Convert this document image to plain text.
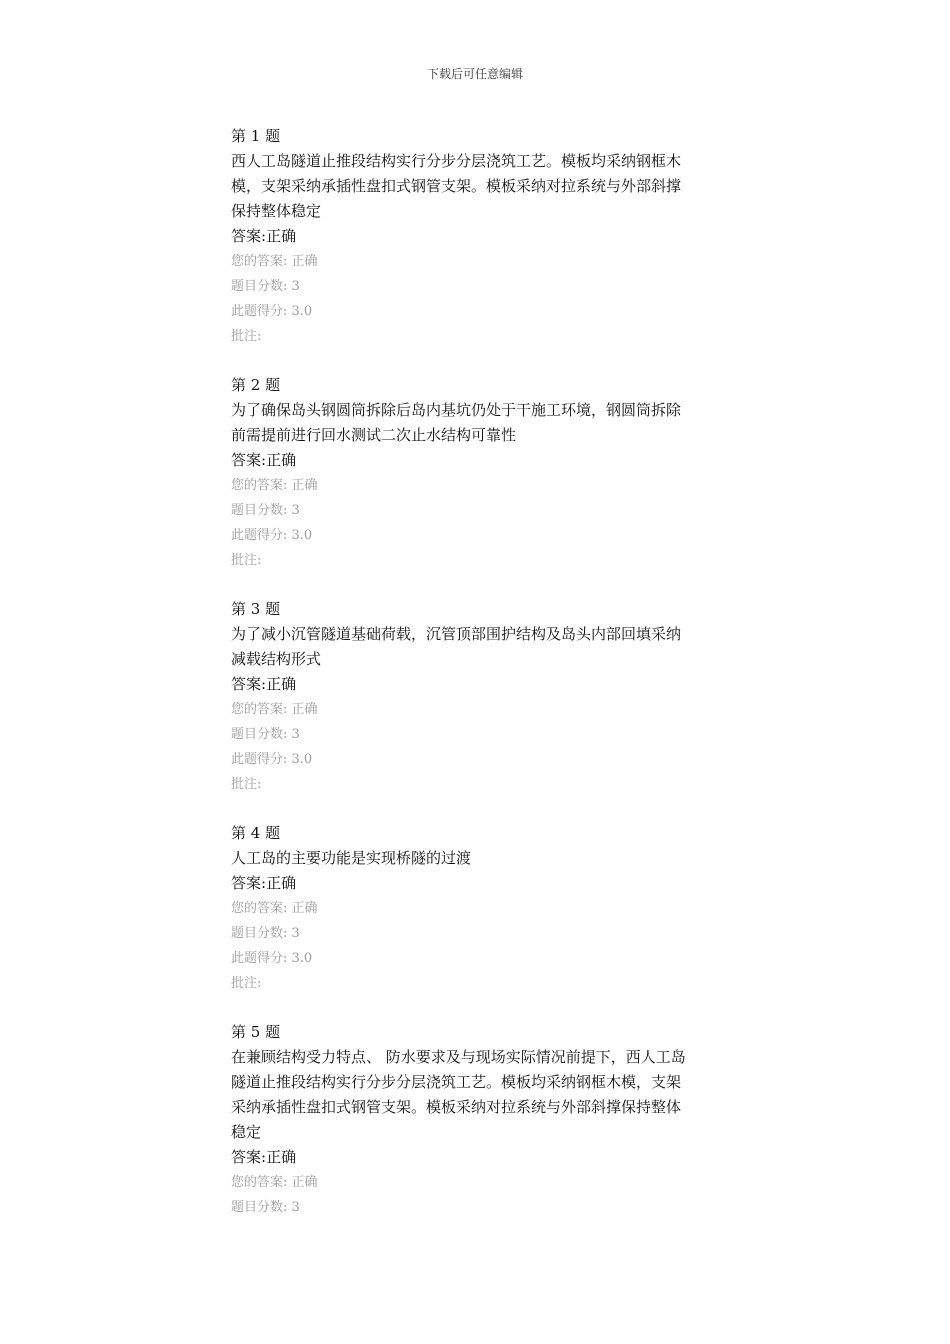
下载后可任意编辑

第 1 题

西人工岛隧道止推段结构实行分步分层浇筑工艺。模板均采纳钢框木
模，支架采纳承插性盘扣式钢管支架。模板采纳对拉系统与外部斜撑
保持整体稳定

答案:正确

您的答案: 正确

题目分数: 3

此题得分: 3.0

批注:

第 2 题

为了确保岛头钢圆筒拆除后岛内基坑仍处于干施工环境，钢圆筒拆除
前需提前进行回水测试二次止水结构可靠性

答案:正确

您的答案: 正确

题目分数: 3

此题得分: 3.0

批注:

第 3 题

为了减小沉管隧道基础荷载，沉管顶部围护结构及岛头内部回填采纳
减载结构形式

答案:正确

您的答案: 正确

题目分数: 3

此题得分: 3.0

批注:

第 4 题

人工岛的主要功能是实现桥隧的过渡

答案:正确

您的答案: 正确

题目分数: 3

此题得分: 3.0

批注:

第 5 题

在兼顾结构受力特点、 防水要求及与现场实际情况前提下，西人工岛
隧道止推段结构实行分步分层浇筑工艺。模板均采纳钢框木模，支架
采纳承插性盘扣式钢管支架。模板采纳对拉系统与外部斜撑保持整体
稳定

答案:正确

您的答案: 正确

题目分数: 3
